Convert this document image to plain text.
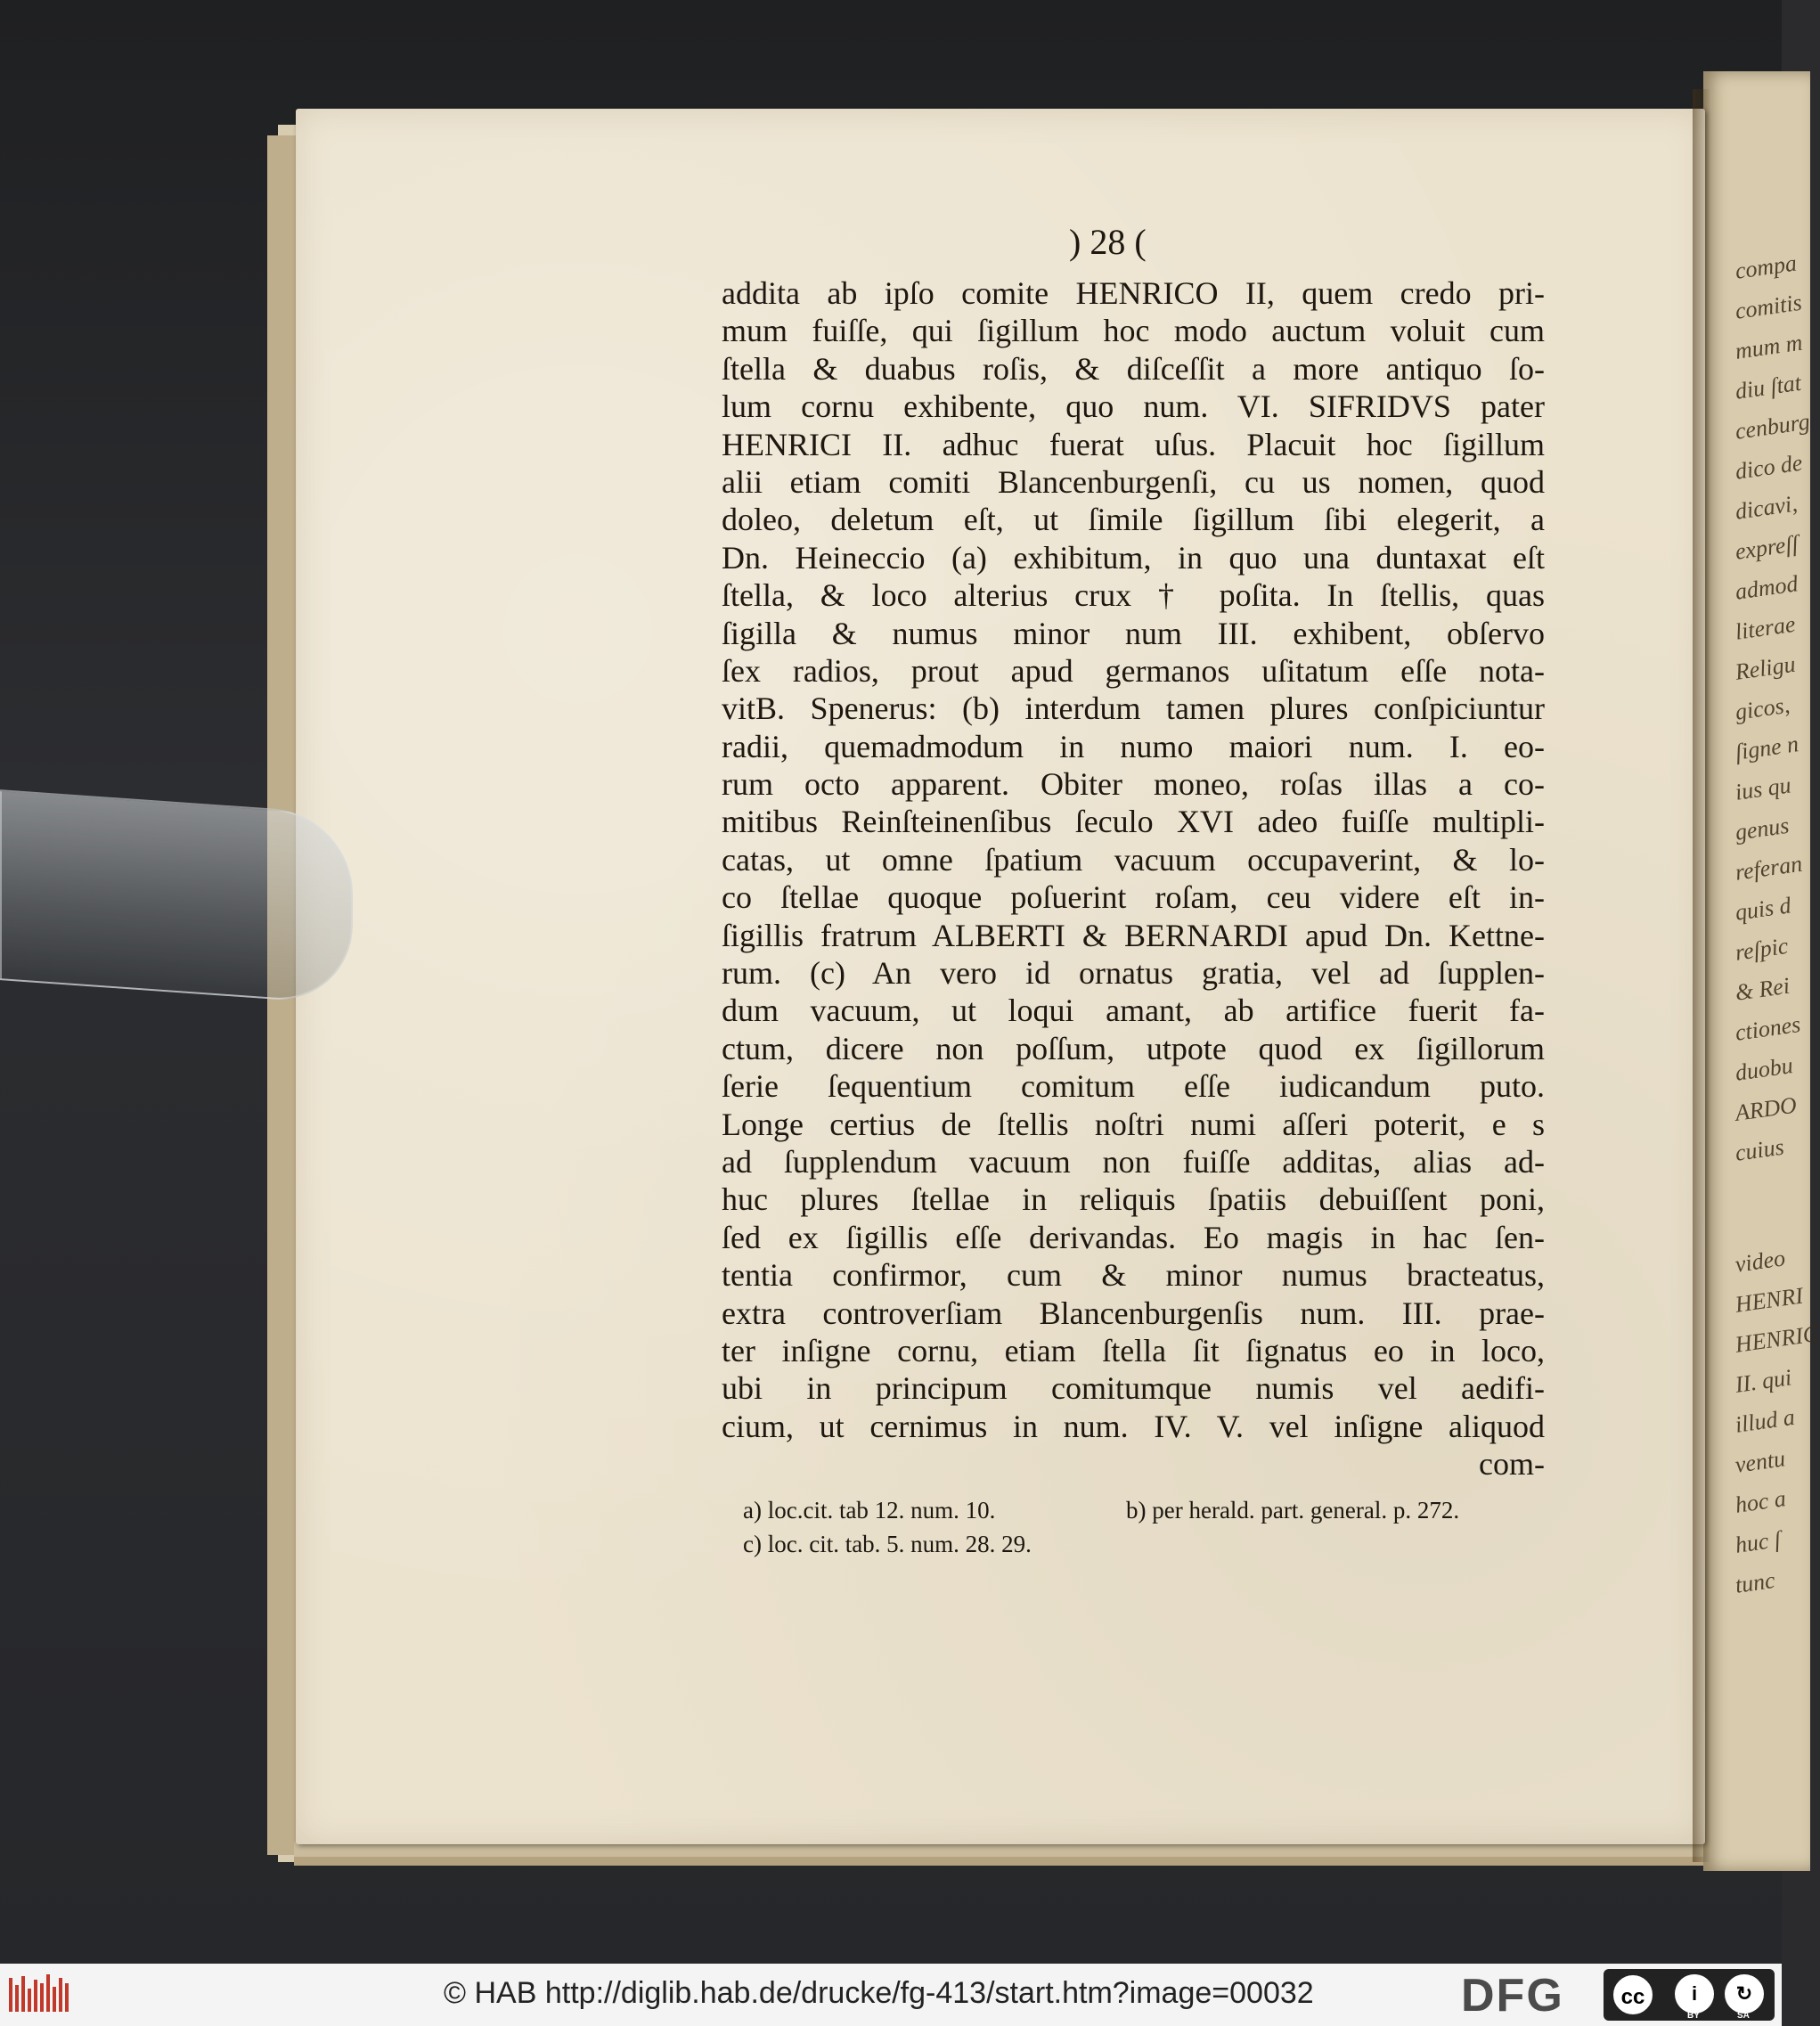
compa
comitis
mum m
diu ſtat
cenburg
dico de
dicavi,
expreſſ
admod
literae
Religu
gicos,
ſigne n
ius qu
genus
referan
quis d
reſpic
& Rei
ctiones
duobu
ARDO
cuius
video
HENRI
HENRIC
II. qui
illud a
ventu
hoc a
huc ſ
tunc
) 28 (
addita ab ipſo comite HENRICO II, quem credo pri-
mum fuiſſe, qui ſigillum hoc modo auctum voluit cum
ſtella & duabus roſis, & diſceſſit a more antiquo ſo-
lum cornu exhibente, quo num. VI. SIFRIDVS pater
HENRICI II. adhuc fuerat uſus. Placuit hoc ſigillum
alii etiam comiti Blancenburgenſi, cu us nomen, quod
doleo, deletum eſt, ut ſimile ſigillum ſibi elegerit, a
Dn. Heineccio (a) exhibitum, in quo una duntaxat eſt
ſtella, & loco alterius crux † poſita. In ſtellis, quas
ſigilla & numus minor num III. exhibent, obſervo
ſex radios, prout apud germanos uſitatum eſſe nota-
vitB. Spenerus: (b) interdum tamen plures conſpiciuntur
radii, quemadmodum in numo maiori num. I. eo-
rum octo apparent. Obiter moneo, roſas illas a co-
mitibus Reinſteinenſibus ſeculo XVI adeo fuiſſe multipli-
catas, ut omne ſpatium vacuum occupaverint, & lo-
co ſtellae quoque poſuerint roſam, ceu videre eſt in-
ſigillis fratrum ALBERTI & BERNARDI apud Dn. Kettne-
rum. (c) An vero id ornatus gratia, vel ad ſupplen-
dum vacuum, ut loqui amant, ab artifice fuerit fa-
ctum, dicere non poſſum, utpote quod ex ſigillorum
ſerie ſequentium comitum eſſe iudicandum puto.
Longe certius de ſtellis noſtri numi aſſeri poterit, e s
ad ſupplendum vacuum non fuiſſe additas, alias ad-
huc plures ſtellae in reliquis ſpatiis debuiſſent poni,
ſed ex ſigillis eſſe derivandas. Eo magis in hac ſen-
tentia confirmor, cum & minor numus bracteatus,
extra controverſiam Blancenburgenſis num. III. prae-
ter inſigne cornu, etiam ſtella ſit ſignatus eo in loco,
ubi in principum comitumque numis vel aedifi-
cium, ut cernimus in num. IV. V. vel inſigne aliquod
com-
a) loc.cit. tab 12. num. 10.	b) per herald. part. general. p. 272.
c) loc. cit. tab. 5. num. 28. 29.
© HAB http://diglib.hab.de/drucke/fg-413/start.htm?image=00032	DFG	cc	i	↻
BY	SA
